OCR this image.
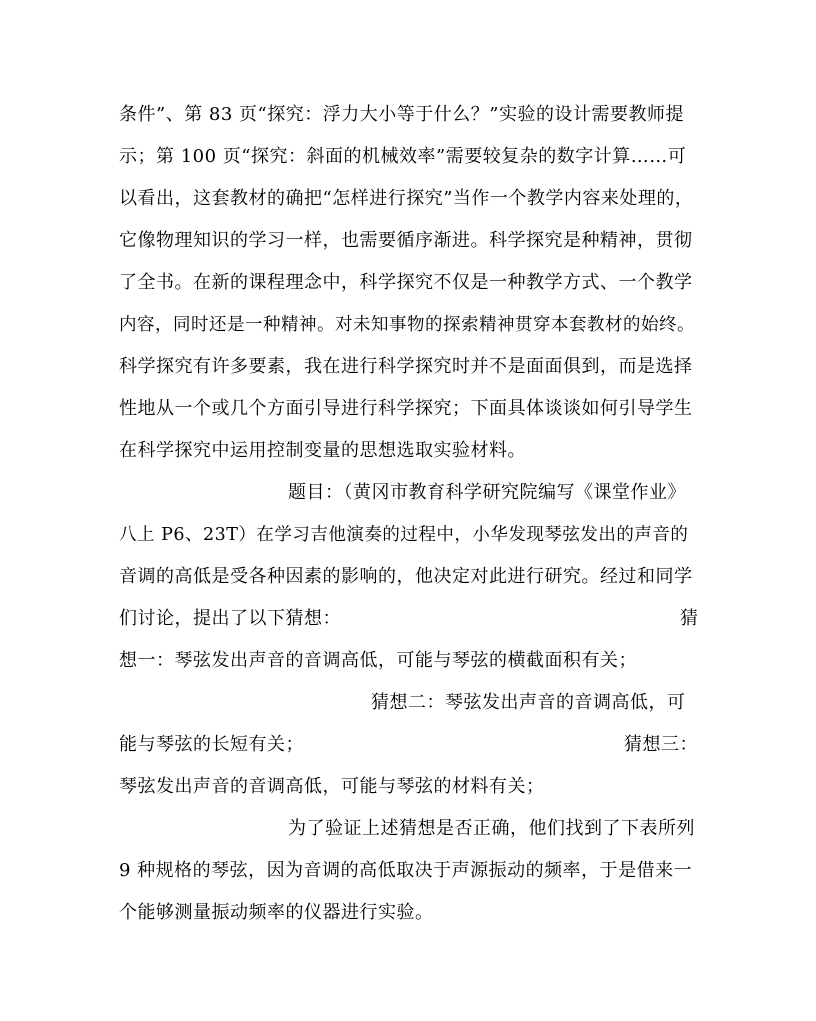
条件”、第 83 页“探究：浮力大小等于什么？”实验的设计需要教师提
示；第 100 页“探究：斜面的机械效率”需要较复杂的数字计算……可
以看出，这套教材的确把“怎样进行探究”当作一个教学内容来处理的，
它像物理知识的学习一样，也需要循序渐进。科学探究是种精神，贯彻
了全书。在新的课程理念中，科学探究不仅是一种教学方式、一个教学
内容，同时还是一种精神。对未知事物的探索精神贯穿本套教材的始终。
科学探究有许多要素，我在进行科学探究时并不是面面俱到，而是选择
性地从一个或几个方面引导进行科学探究；下面具体谈谈如何引导学生
在科学探究中运用控制变量的思想选取实验材料。
题目：（黄冈市教育科学研究院编写《课堂作业》
八上 P6、23T）在学习吉他演奏的过程中，小华发现琴弦发出的声音的
音调的高低是受各种因素的影响的，他决定对此进行研究。经过和同学
们讨论，提出了以下猜想：	猜
想一：琴弦发出声音的音调高低，可能与琴弦的横截面积有关；
猜想二：琴弦发出声音的音调高低，可
能与琴弦的长短有关；	猜想三：
琴弦发出声音的音调高低，可能与琴弦的材料有关；
为了验证上述猜想是否正确，他们找到了下表所列
9 种规格的琴弦，因为音调的高低取决于声源振动的频率，于是借来一
个能够测量振动频率的仪器进行实验。
